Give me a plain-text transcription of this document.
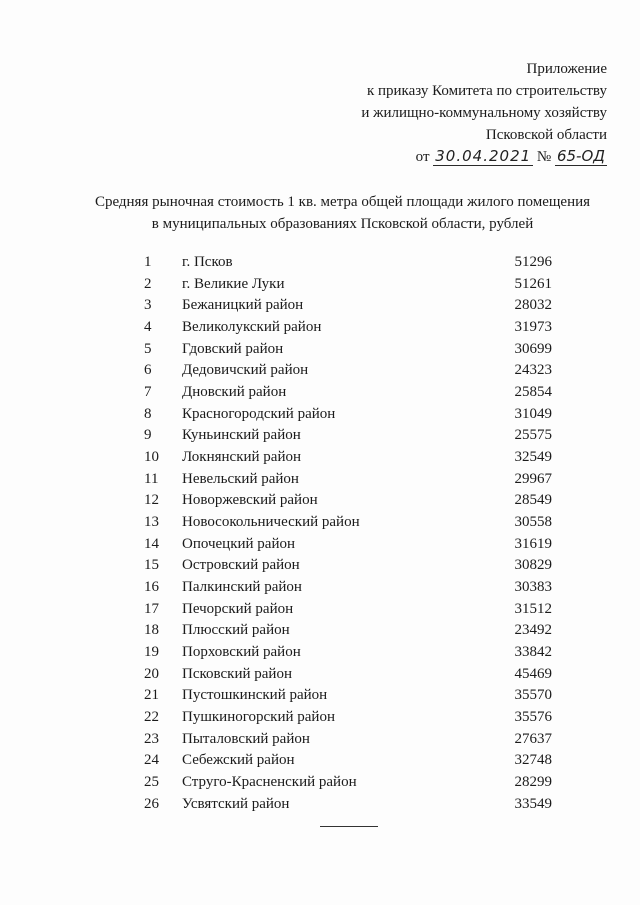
Приложение
к приказу Комитета по строительству
и жилищно-коммунальному хозяйству
Псковской области
от 30.04.2021 № 65-ОД
Средняя рыночная стоимость 1 кв. метра общей площади жилого помещения
в муниципальных образованиях Псковской области, рублей
1 г. Псков	51296
2 г. Великие Луки	51261
3 Бежаницкий район	28032
4 Великолукский район	31973
5 Гдовский район	30699
6 Дедовичский район	24323
7 Дновский район	25854
8 Красногородский район	31049
9 Куньинский район	25575
10 Локнянский район	32549
11 Невельский район	29967
12 Новоржевский район	28549
13 Новосокольнический район	30558
14 Опочецкий район	31619
15 Островский район	30829
16 Палкинский район	30383
17 Печорский район	31512
18 Плюсский район	23492
19 Порховский район	33842
20 Псковский район	45469
21 Пустошкинский район	35570
22 Пушкиногорский район	35576
23 Пыталовский район	27637
24 Себежский район	32748
25 Струго-Красненский район	28299
26 Усвятский район	33549
